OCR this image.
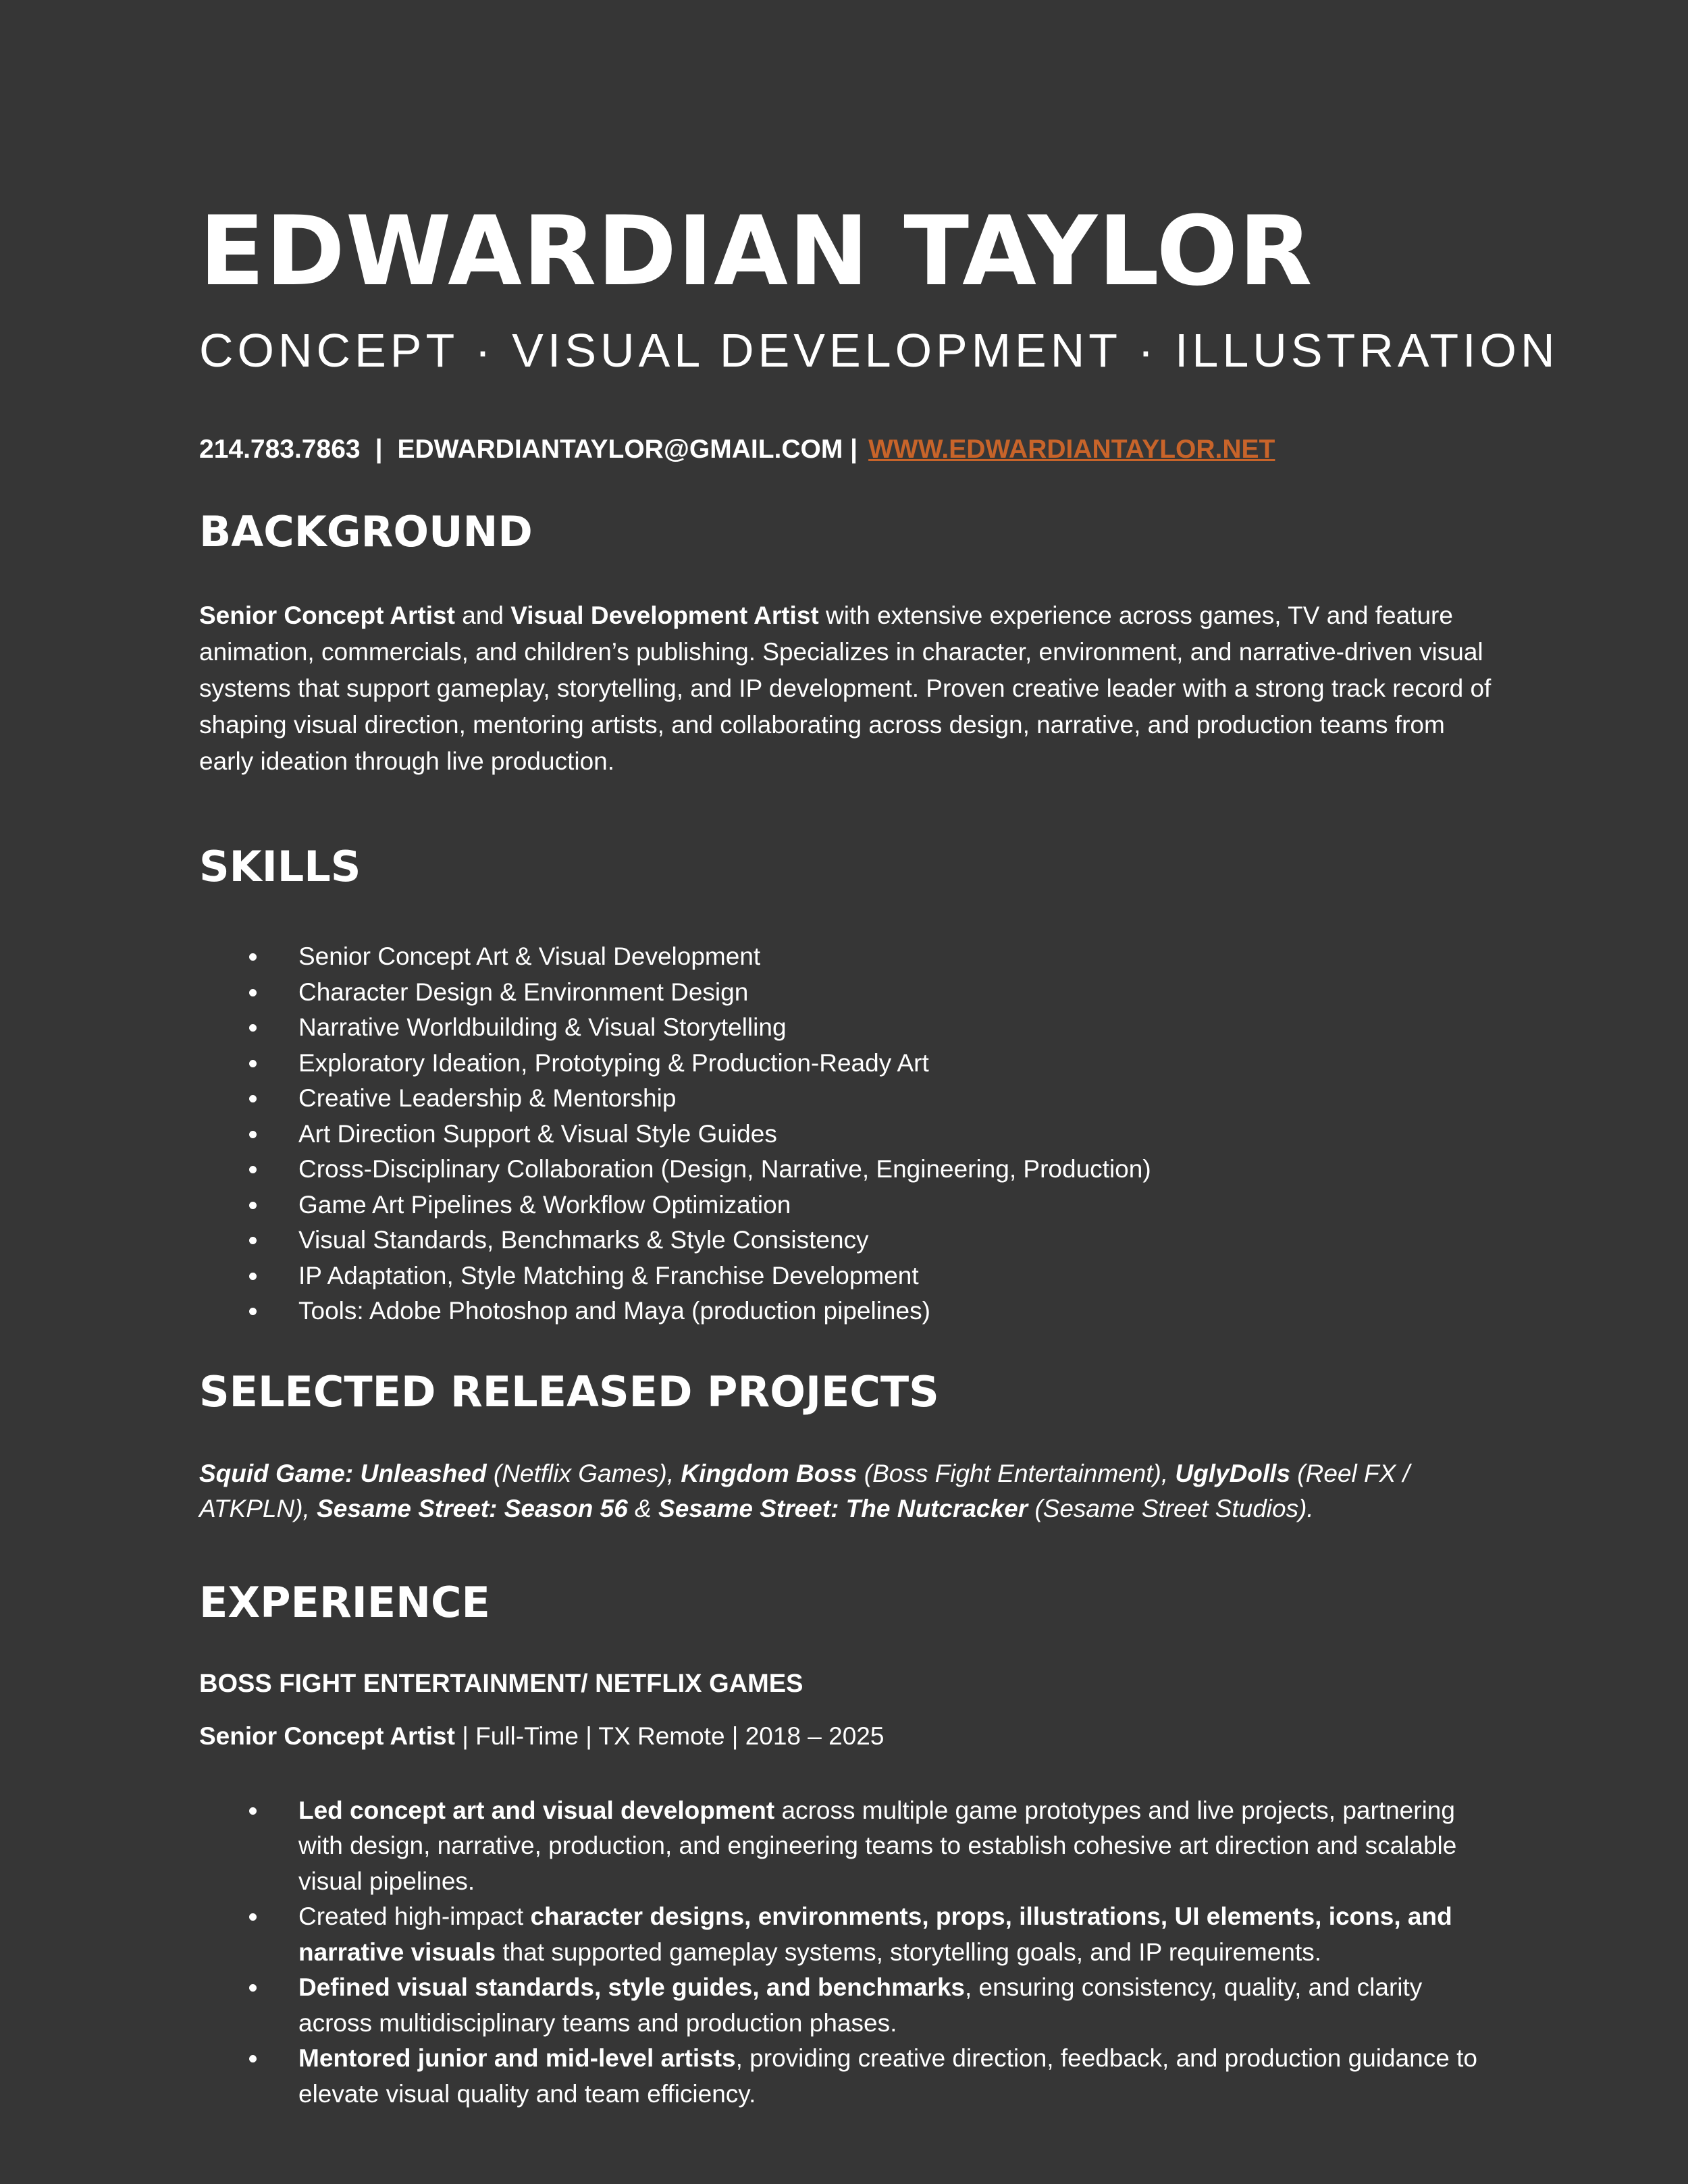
EDWARDIAN TAYLOR
CONCEPT · VISUAL DEVELOPMENT · ILLUSTRATION
214.783.7863 | EDWARDIANTAYLOR@GMAIL.COM | WWW.EDWARDIANTAYLOR.NET
BACKGROUND
Senior Concept Artist and Visual Development Artist with extensive experience across games, TV and feature animation, commercials, and children’s publishing. Specializes in character, environment, and narrative-driven visual systems that support gameplay, storytelling, and IP development. Proven creative leader with a strong track record of shaping visual direction, mentoring artists, and collaborating across design, narrative, and production teams from early ideation through live production.
SKILLS
Senior Concept Art & Visual Development
Character Design & Environment Design
Narrative Worldbuilding & Visual Storytelling
Exploratory Ideation, Prototyping & Production-Ready Art
Creative Leadership & Mentorship
Art Direction Support & Visual Style Guides
Cross-Disciplinary Collaboration (Design, Narrative, Engineering, Production)
Game Art Pipelines & Workflow Optimization
Visual Standards, Benchmarks & Style Consistency
IP Adaptation, Style Matching & Franchise Development
Tools: Adobe Photoshop and Maya (production pipelines)
SELECTED RELEASED PROJECTS
Squid Game: Unleashed (Netflix Games), Kingdom Boss (Boss Fight Entertainment), UglyDolls (Reel FX / ATKPLN), Sesame Street: Season 56 & Sesame Street: The Nutcracker (Sesame Street Studios).
EXPERIENCE
BOSS FIGHT ENTERTAINMENT/ NETFLIX GAMES
Senior Concept Artist | Full-Time | TX Remote | 2018 – 2025
Led concept art and visual development across multiple game prototypes and live projects, partnering with design, narrative, production, and engineering teams to establish cohesive art direction and scalable visual pipelines.
Created high-impact character designs, environments, props, illustrations, UI elements, icons, and narrative visuals that supported gameplay systems, storytelling goals, and IP requirements.
Defined visual standards, style guides, and benchmarks, ensuring consistency, quality, and clarity across multidisciplinary teams and production phases.
Mentored junior and mid-level artists, providing creative direction, feedback, and production guidance to elevate visual quality and team efficiency.
